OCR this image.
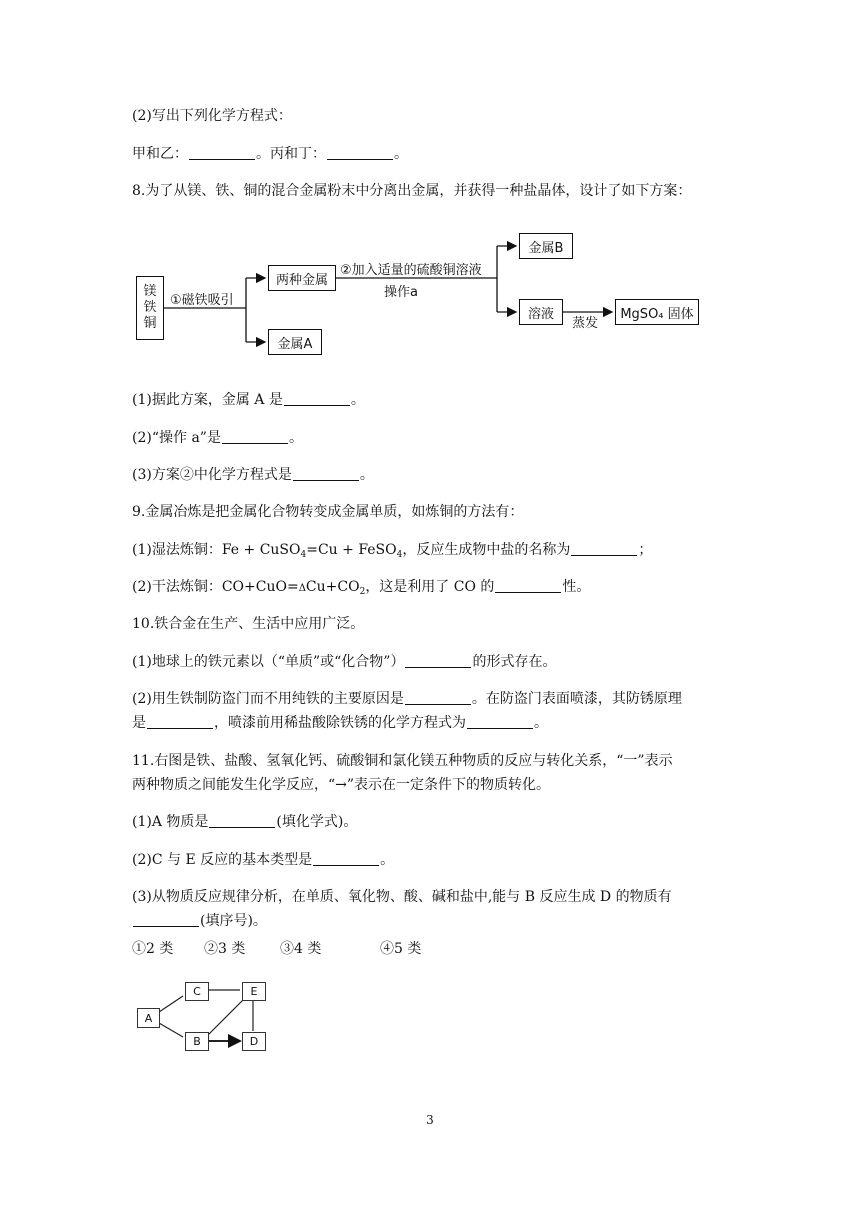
(2)写出下列化学方程式：
甲和乙：	。丙和丁：	。
8.为了从镁、铁、铜的混合金属粉末中分离出金属，并获得一种盐晶体，设计了如下方案：
镁
铁
铜
①磁铁吸引
两种金属
金属A
②加入适量的硫酸铜溶液
操作a
金属B
溶液
蒸发
MgSO₄ 固体
(1)据此方案，金属 A 是	。
(2)“操作 a”是	。
(3)方案②中化学方程式是	。
9.金属冶炼是把金属化合物转变成金属单质，如炼铜的方法有：
(1)湿法炼铜：Fe + CuSO$_4$=Cu + FeSO$_4$，反应生成物中盐的名称为	；
(2)干法炼铜：$CO+CuO=\Delta Cu+CO_2$，这是利用了 CO 的	性。
10.铁合金在生产、生活中应用广泛。
(1)地球上的铁元素以（“单质”或“化合物”）	的形式存在。
(2)用生铁制防盗门而不用纯铁的主要原因是	。在防盗门表面喷漆，其防锈原理
是	，喷漆前用稀盐酸除铁锈的化学方程式为	。
11.右图是铁、盐酸、氢氧化钙、硫酸铜和氯化镁五种物质的反应与转化关系，“一”表示
两种物质之间能发生化学反应，“→”表示在一定条件下的物质转化。
(1)A 物质是	(填化学式)。
(2)C 与 E 反应的基本类型是	。
(3)从物质反应规律分析，在单质、氧化物、酸、碱和盐中,能与 B 反应生成 D 的物质有
(填序号)。
①2 类 ②3 类 ③4 类	④5 类
A
B
C
D
E
3
